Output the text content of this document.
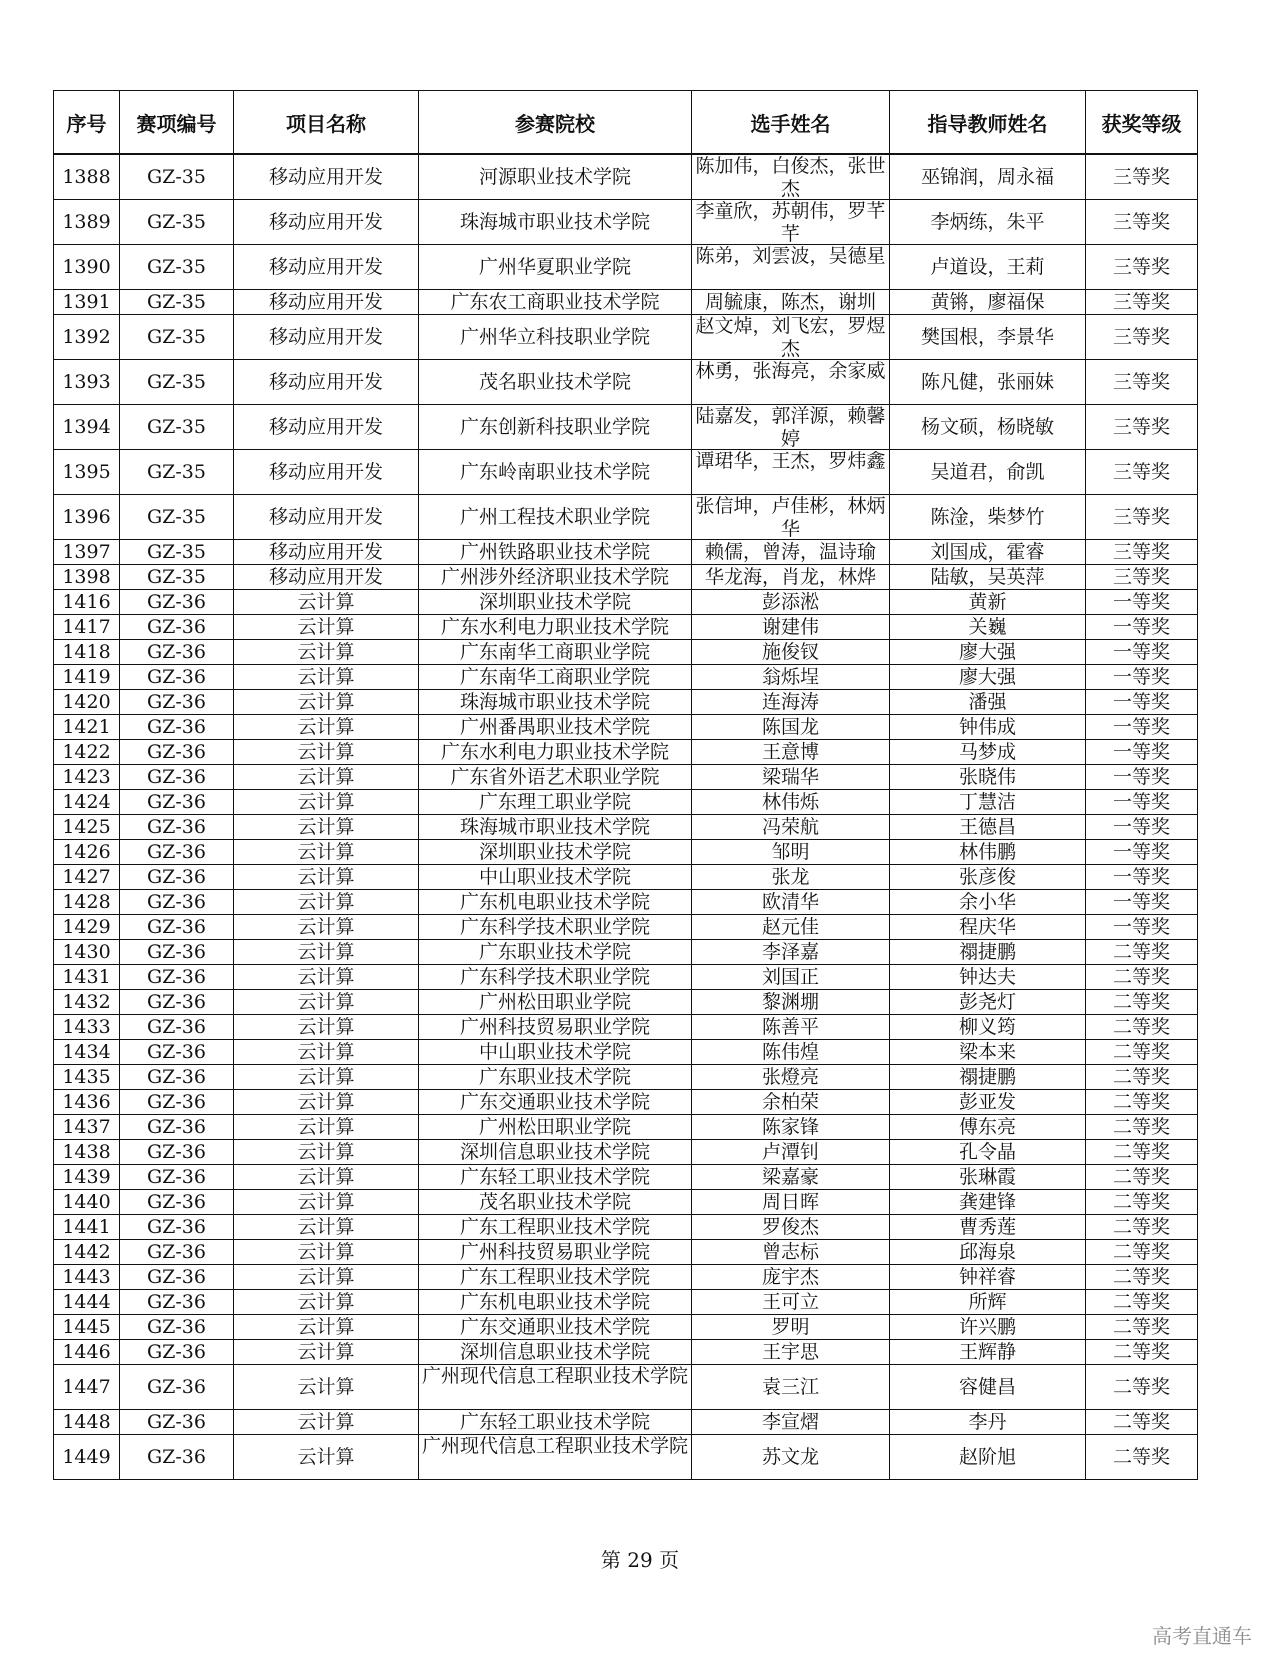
序号	赛项编号	项目名称	参赛院校	选手姓名	指导教师姓名	获奖等级
1388	GZ-35	移动应用开发	河源职业技术学院	陈加伟，白俊杰，张世杰	巫锦润，周永福	三等奖
1389	GZ-35	移动应用开发	珠海城市职业技术学院	李童欣，苏朝伟，罗芊芊	李炳练，朱平	三等奖
1390	GZ-35	移动应用开发	广州华夏职业学院	陈弟，刘雲波，吴德星	卢道设，王莉	三等奖
1391	GZ-35	移动应用开发	广东农工商职业技术学院	周毓康，陈杰，谢圳	黄锵，廖福保	三等奖
1392	GZ-35	移动应用开发	广州华立科技职业学院	赵文焯，刘飞宏，罗煜杰	樊国根，李景华	三等奖
1393	GZ-35	移动应用开发	茂名职业技术学院	林勇，张海亮，余家威	陈凡健，张丽妹	三等奖
1394	GZ-35	移动应用开发	广东创新科技职业学院	陆嘉发，郭洋源，赖馨婷	杨文硕，杨晓敏	三等奖
1395	GZ-35	移动应用开发	广东岭南职业技术学院	谭珺华，王杰，罗炜鑫	吴道君，俞凯	三等奖
1396	GZ-35	移动应用开发	广州工程技术职业学院	张信坤，卢佳彬，林炳华	陈淦，柴梦竹	三等奖
1397	GZ-35	移动应用开发	广州铁路职业技术学院	赖儒，曾涛，温诗瑜	刘国成，霍睿	三等奖
1398	GZ-35	移动应用开发	广州涉外经济职业技术学院	华龙海，肖龙，林烨	陆敏，吴英萍	三等奖
1416	GZ-36	云计算	深圳职业技术学院	彭添淞	黄新	一等奖
1417	GZ-36	云计算	广东水利电力职业技术学院	谢建伟	关巍	一等奖
1418	GZ-36	云计算	广东南华工商职业学院	施俊钗	廖大强	一等奖
1419	GZ-36	云计算	广东南华工商职业学院	翁烁埕	廖大强	一等奖
1420	GZ-36	云计算	珠海城市职业技术学院	连海涛	潘强	一等奖
1421	GZ-36	云计算	广州番禺职业技术学院	陈国龙	钟伟成	一等奖
1422	GZ-36	云计算	广东水利电力职业技术学院	王意博	马梦成	一等奖
1423	GZ-36	云计算	广东省外语艺术职业学院	梁瑞华	张晓伟	一等奖
1424	GZ-36	云计算	广东理工职业学院	林伟烁	丁慧洁	一等奖
1425	GZ-36	云计算	珠海城市职业技术学院	冯荣航	王德昌	一等奖
1426	GZ-36	云计算	深圳职业技术学院	邹明	林伟鹏	一等奖
1427	GZ-36	云计算	中山职业技术学院	张龙	张彦俊	一等奖
1428	GZ-36	云计算	广东机电职业技术学院	欧清华	余小华	一等奖
1429	GZ-36	云计算	广东科学技术职业学院	赵元佳	程庆华	一等奖
1430	GZ-36	云计算	广东职业技术学院	李泽嘉	禤捷鹏	二等奖
1431	GZ-36	云计算	广东科学技术职业学院	刘国正	钟达夫	二等奖
1432	GZ-36	云计算	广州松田职业学院	黎渊堋	彭尧灯	二等奖
1433	GZ-36	云计算	广州科技贸易职业学院	陈善平	柳义筠	二等奖
1434	GZ-36	云计算	中山职业技术学院	陈伟煌	梁本来	二等奖
1435	GZ-36	云计算	广东职业技术学院	张燈亮	禤捷鹏	二等奖
1436	GZ-36	云计算	广东交通职业技术学院	余柏荣	彭亚发	二等奖
1437	GZ-36	云计算	广州松田职业学院	陈家锋	傅东亮	二等奖
1438	GZ-36	云计算	深圳信息职业技术学院	卢潭钊	孔令晶	二等奖
1439	GZ-36	云计算	广东轻工职业技术学院	梁嘉豪	张琳霞	二等奖
1440	GZ-36	云计算	茂名职业技术学院	周日晖	龚建锋	二等奖
1441	GZ-36	云计算	广东工程职业技术学院	罗俊杰	曹秀莲	二等奖
1442	GZ-36	云计算	广州科技贸易职业学院	曾志标	邱海泉	二等奖
1443	GZ-36	云计算	广东工程职业技术学院	庞宇杰	钟祥睿	二等奖
1444	GZ-36	云计算	广东机电职业技术学院	王可立	所辉	二等奖
1445	GZ-36	云计算	广东交通职业技术学院	罗明	许兴鹏	二等奖
1446	GZ-36	云计算	深圳信息职业技术学院	王宇思	王辉静	二等奖
1447	GZ-36	云计算	广州现代信息工程职业技术学院	袁三江	容健昌	二等奖
1448	GZ-36	云计算	广东轻工职业技术学院	李宣熠	李丹	二等奖
1449	GZ-36	云计算	广州现代信息工程职业技术学院	苏文龙	赵阶旭	二等奖
第 29 页
高考直通车
